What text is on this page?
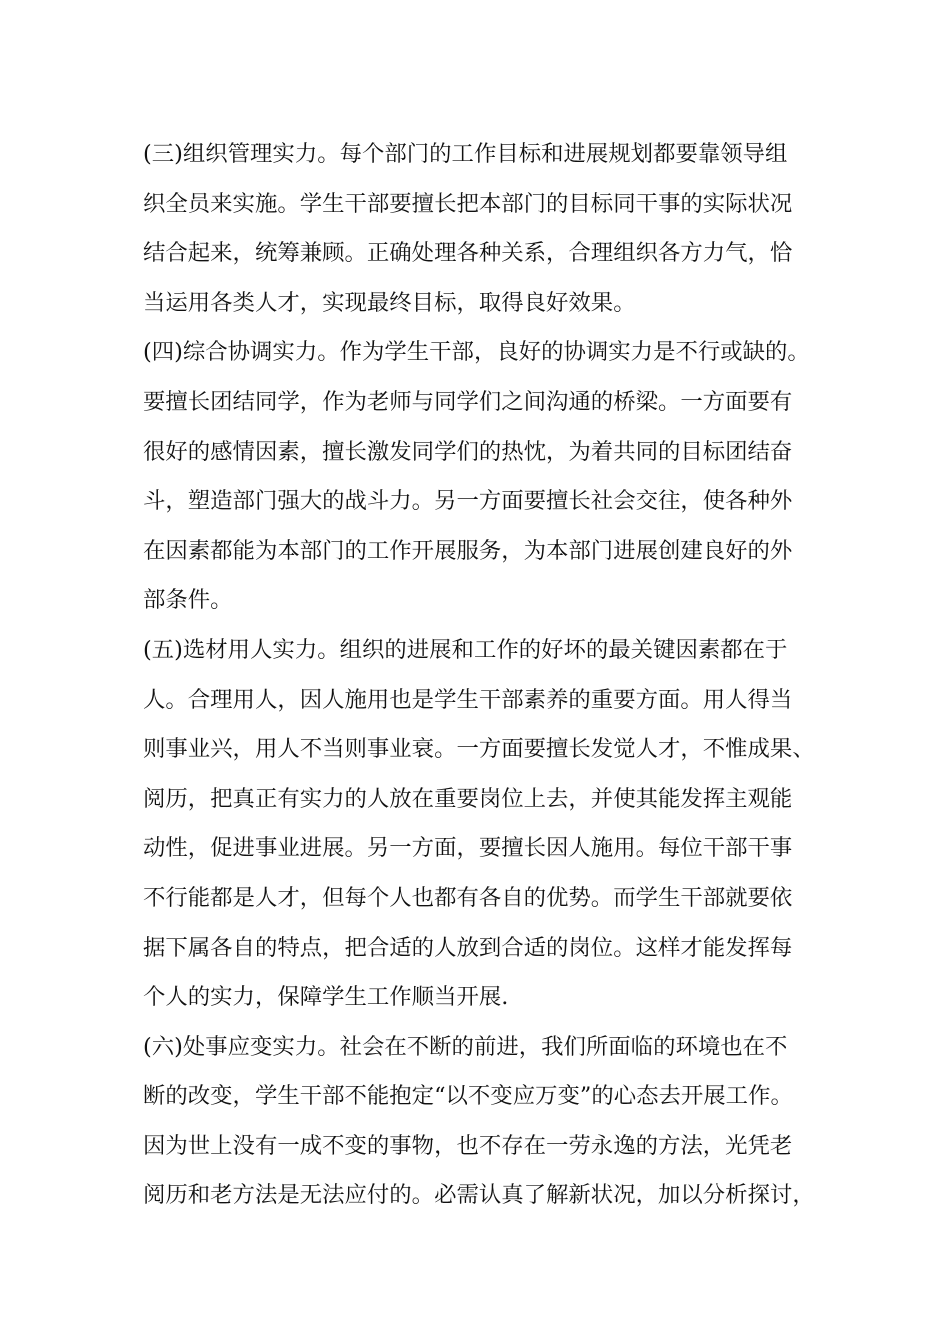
(三)组织管理实力。每个部门的工作目标和进展规划都要靠领导组
织全员来实施。学生干部要擅长把本部门的目标同干事的实际状况
结合起来，统筹兼顾。正确处理各种关系，合理组织各方力气，恰
当运用各类人才，实现最终目标，取得良好效果。
(四)综合协调实力。作为学生干部，良好的协调实力是不行或缺的。
要擅长团结同学，作为老师与同学们之间沟通的桥梁。一方面要有
很好的感情因素，擅长激发同学们的热忱，为着共同的目标团结奋
斗，塑造部门强大的战斗力。另一方面要擅长社会交往，使各种外
在因素都能为本部门的工作开展服务，为本部门进展创建良好的外
部条件。
(五)选材用人实力。组织的进展和工作的好坏的最关键因素都在于
人。合理用人，因人施用也是学生干部素养的重要方面。用人得当
则事业兴，用人不当则事业衰。一方面要擅长发觉人才，不惟成果、
阅历，把真正有实力的人放在重要岗位上去，并使其能发挥主观能
动性，促进事业进展。另一方面，要擅长因人施用。每位干部干事
不行能都是人才，但每个人也都有各自的优势。而学生干部就要依
据下属各自的特点，把合适的人放到合适的岗位。这样才能发挥每
个人的实力，保障学生工作顺当开展.
(六)处事应变实力。社会在不断的前进，我们所面临的环境也在不
断的改变，学生干部不能抱定“以不变应万变”的心态去开展工作。
因为世上没有一成不变的事物，也不存在一劳永逸的方法，光凭老
阅历和老方法是无法应付的。必需认真了解新状况，加以分析探讨，
